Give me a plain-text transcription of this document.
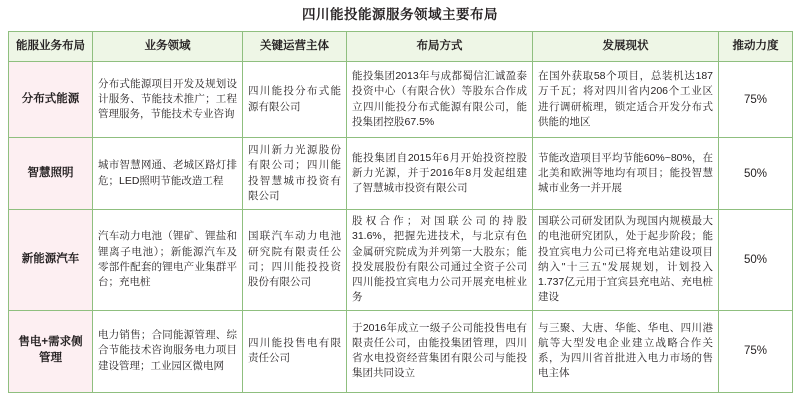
四川能投能源服务领域主要布局
能服业务布局	业务领域	关键运营主体	布局方式	发展现状	推动力度
分布式能源	分布式能源项目开发及规划设计服务、节能技术推广；工程管理服务，节能技术专业咨询	四川能投分布式能源有限公司	能投集团2013年与成都蜀信汇诚盈泰投资中心（有限合伙）等股东合作成立四川能投分布式能源有限公司，能投集团控股67.5%	在国外获取58个项目，总装机达187万千瓦；将对四川省内206个工业区进行调研梳理，锁定适合开发分布式供能的地区	75%
智慧照明	城市智慧网通、老城区路灯排危；LED照明节能改造工程	四川新力光源股份有限公司；四川能投智慧城市投资有限公司	能投集团自2015年6月开始投资控股新力光源，并于2016年8月发起组建了智慧城市投资有限公司	节能改造项目平均节能60%~80%，在北美和欧洲等地均有项目；能投智慧城市业务一并开展	50%
新能源汽车	汽车动力电池（锂矿、锂盐和锂离子电池）；新能源汽车及零部件配套的锂电产业集群平台；充电桩	国联汽车动力电池研究院有限责任公司；四川能投投资股份有限公司	股权合作；对国联公司的持股31.6%，把握先进技术，与北京有色金属研究院成为并列第一大股东；能投发展股份有限公司通过全资子公司四川能投宜宾电力公司开展充电桩业务	国联公司研发团队为现国内规模最大的电池研究团队，处于起步阶段；能投宜宾电力公司已将充电站建设项目纳入"十三五"发展规划，计划投入1.737亿元用于宜宾县充电站、充电桩建设	50%
售电+需求侧管理	电力销售；合同能源管理、综合节能技术咨询服务电力项目建设管理；工业园区微电网	四川能投售电有限责任公司	于2016年成立一级子公司能投售电有限责任公司，由能投集团管理，四川省水电投资经营集团有限公司与能投集团共同设立	与三聚、大唐、华能、华电、四川港航等大型发电企业建立战略合作关系，为四川省首批进入电力市场的售电主体	75%
